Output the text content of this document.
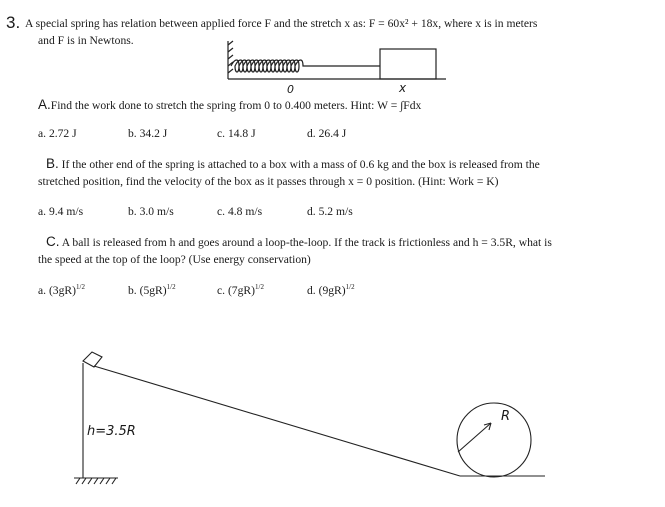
3. A special spring has relation between applied force F and the stretch x as: F = 60x² + 18x, where x is in meters
and F is in Newtons.
0	x
A.Find the work done to stretch the spring from 0 to 0.400 meters. Hint: W = ∫Fdx
a. 2.72 J	b. 34.2 J	c. 14.8 J	d. 26.4 J
B. If the other end of the spring is attached to a box with a mass of 0.6 kg and the box is released from the
stretched position, find the velocity of the box as it passes through x = 0 position. (Hint: Work = K)
a. 9.4 m/s	b. 3.0 m/s	c. 4.8 m/s	d. 5.2 m/s
C. A ball is released from h and goes around a loop-the-loop. If the track is frictionless and h = 3.5R, what is
the speed at the top of the loop? (Use energy conservation)
a. $(3gR)^{1/2}$	b. $(5gR)^{1/2}$	c. $(7gR)^{1/2}$	d. $(9gR)^{1/2}$
h=3.5R
R
